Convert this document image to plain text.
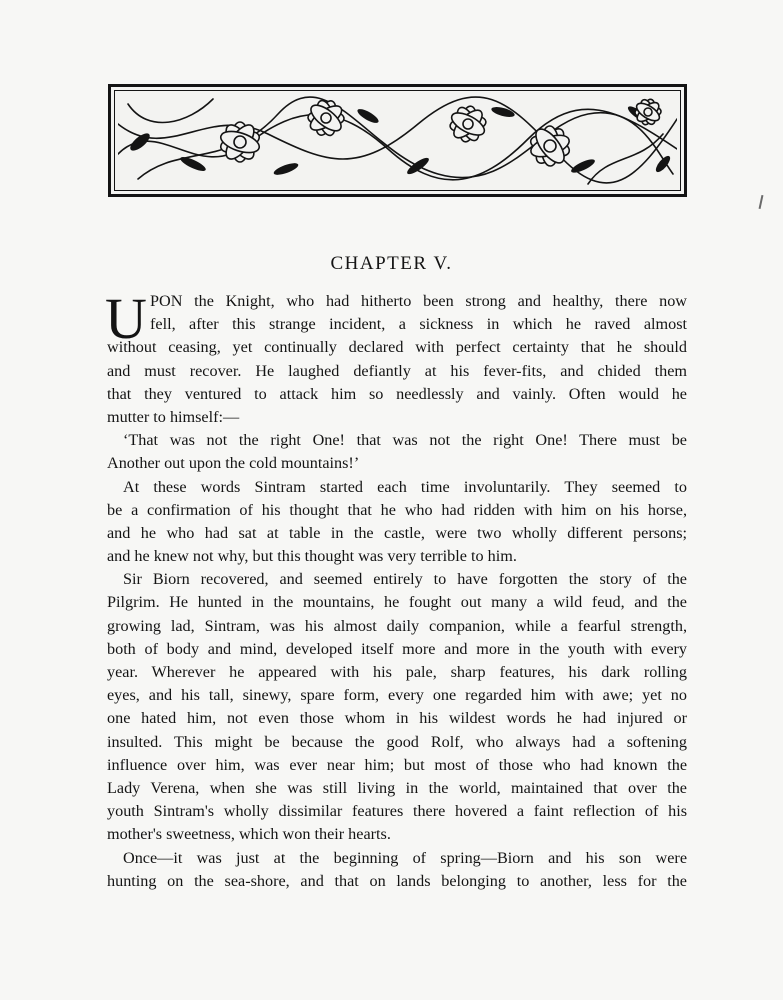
CHAPTER V.
U PON the Knight, who had hitherto been strong and healthy, there now
fell, after this strange incident, a sickness in which he raved almost
without ceasing, yet continually declared with perfect certainty that he should
and must recover. He laughed defiantly at his fever-fits, and chided them
that they ventured to attack him so needlessly and vainly. Often would he
mutter to himself:—
‘That was not the right One! that was not the right One! There must be
Another out upon the cold mountains!’
At these words Sintram started each time involuntarily. They seemed to
be a confirmation of his thought that he who had ridden with him on his horse,
and he who had sat at table in the castle, were two wholly different persons;
and he knew not why, but this thought was very terrible to him.
Sir Biorn recovered, and seemed entirely to have forgotten the story of the
Pilgrim. He hunted in the mountains, he fought out many a wild feud, and the
growing lad, Sintram, was his almost daily companion, while a fearful strength,
both of body and mind, developed itself more and more in the youth with every
year. Wherever he appeared with his pale, sharp features, his dark rolling
eyes, and his tall, sinewy, spare form, every one regarded him with awe; yet no
one hated him, not even those whom in his wildest words he had injured or
insulted. This might be because the good Rolf, who always had a softening
influence over him, was ever near him; but most of those who had known the
Lady Verena, when she was still living in the world, maintained that over the
youth Sintram's wholly dissimilar features there hovered a faint reflection of his
mother's sweetness, which won their hearts.
Once—it was just at the beginning of spring—Biorn and his son were
hunting on the sea-shore, and that on lands belonging to another, less for the
